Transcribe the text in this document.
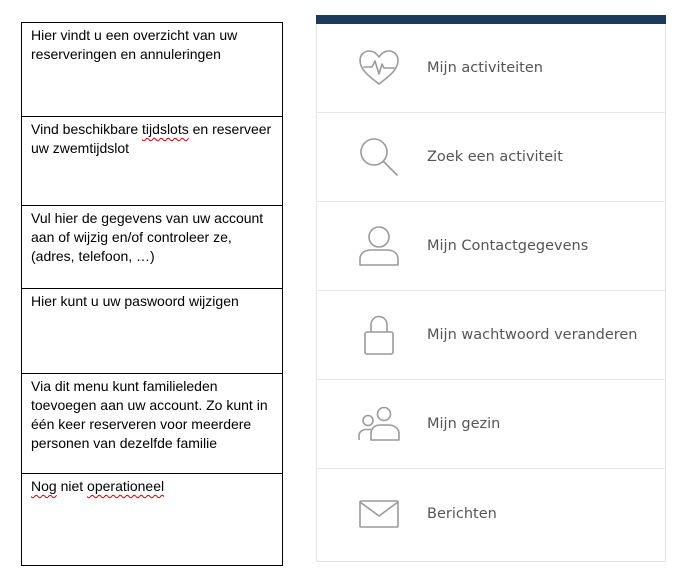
Hier vindt u een overzicht van uw reserveringen en annuleringen
Vind beschikbare tijdslots en reserveer uw zwemtijdslot
Vul hier de gegevens van uw account aan of wijzig en/of controleer ze, (adres, telefoon, …)
Hier kunt u uw paswoord wijzigen
Via dit menu kunt familieleden toevoegen aan uw account. Zo kunt in één keer reserveren voor meerdere personen van dezelfde familie
Nog niet operationeel
Mijn activiteiten
Zoek een activiteit
Mijn Contactgegevens
Mijn wachtwoord veranderen
Mijn gezin
Berichten
